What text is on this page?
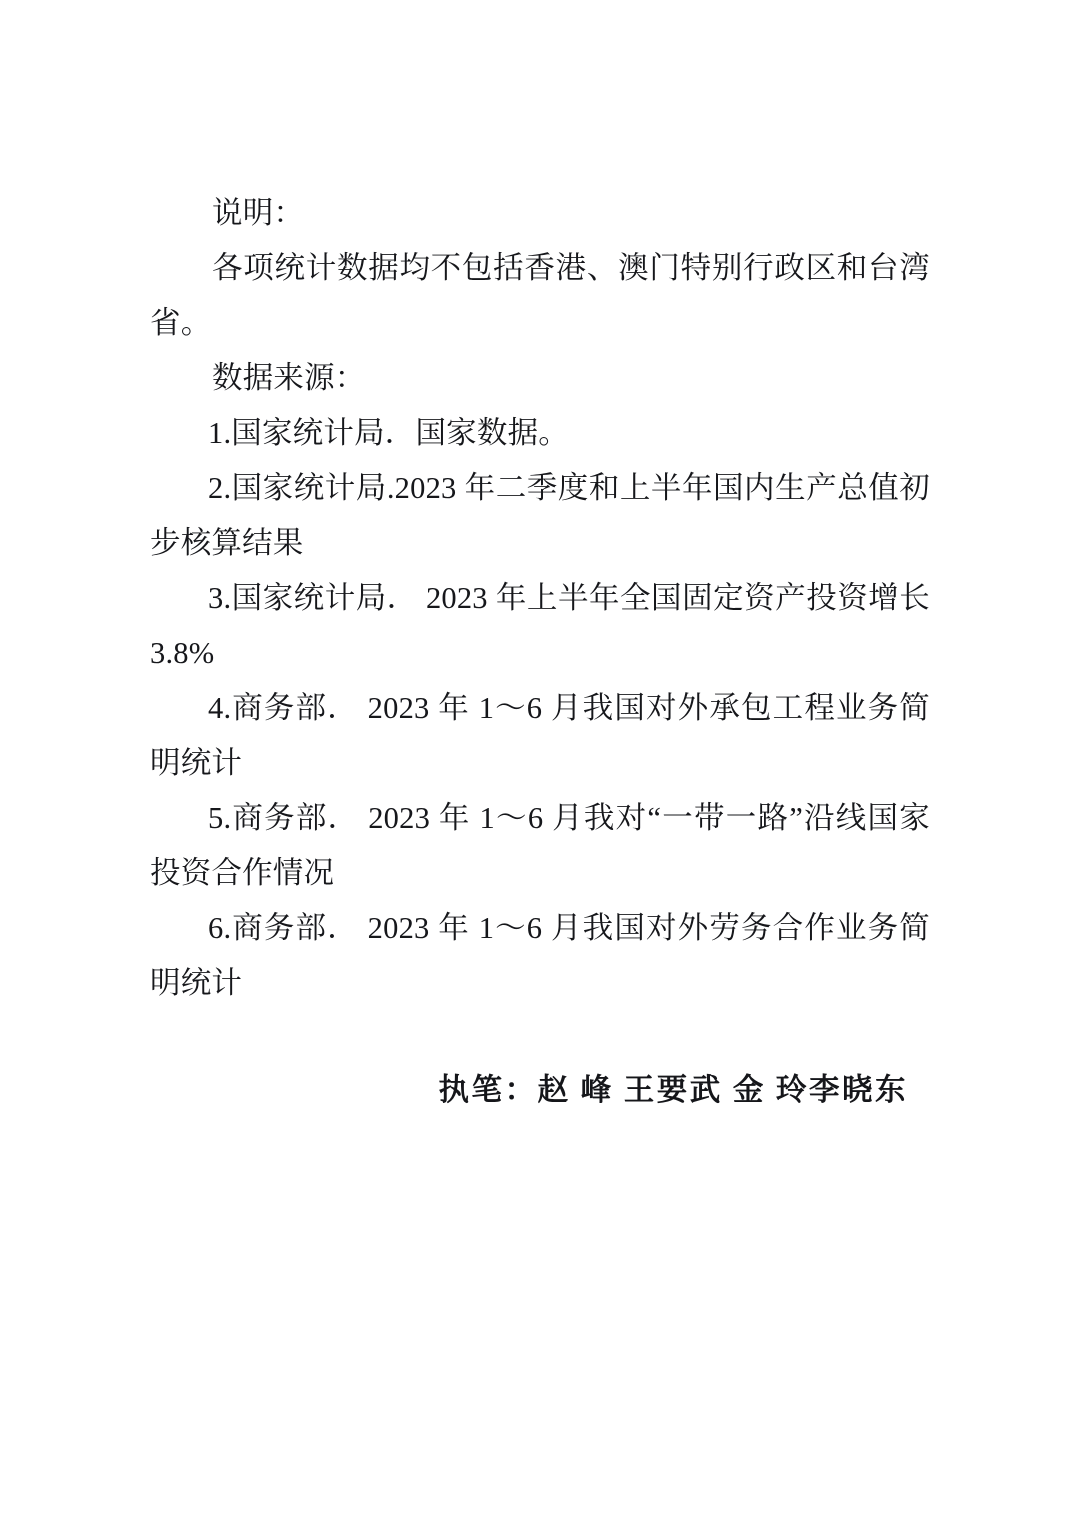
说明：

各项统计数据均不包括香港、澳门特别行政区和台湾省。

数据来源：

1.国家统计局．国家数据。

2.国家统计局.2023 年二季度和上半年国内生产总值初步核算结果

3.国家统计局． 2023 年上半年全国固定资产投资增长3.8%

4.商务部． 2023 年 1～6 月我国对外承包工程业务简明统计

5.商务部． 2023 年 1～6 月我对“一带一路”沿线国家投资合作情况

6.商务部． 2023 年 1～6 月我国对外劳务合作业务简明统计

执笔：赵 峰 王要武 金 玲李晓东
